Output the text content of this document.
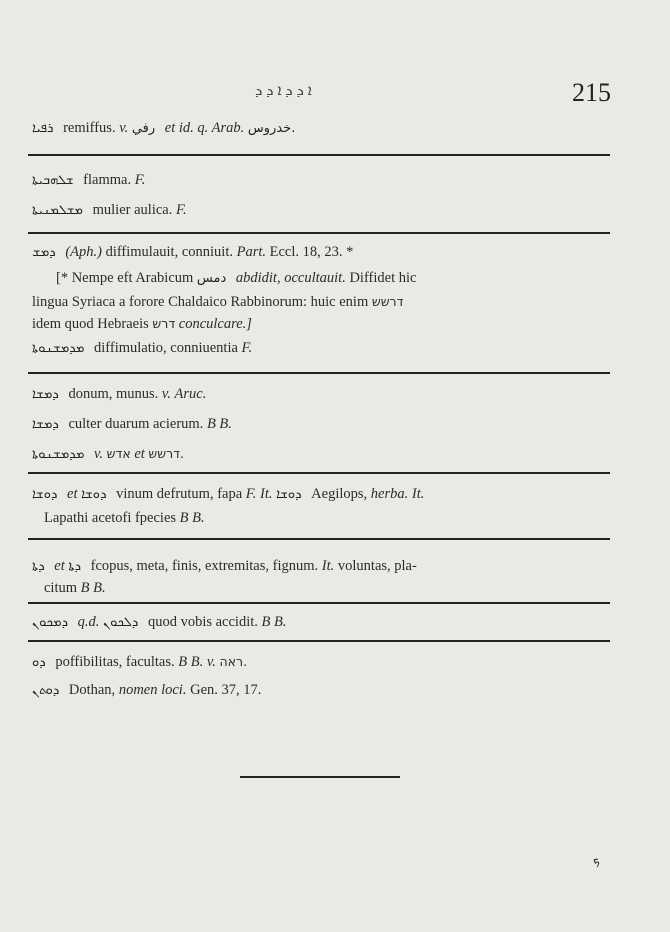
ܐ ܕ ܕ ܐ ܕ ܕ	215
ܪܦܝܐ remiffus. v. رفي et id. q. Arab. خدروس.
ܫܠܗܒܝܬܐ flamma. F.
ܡܫܠܡܢܝܬܐ mulier aulica. F.
ܕܡܫ (Aph.) diffimulauit, conniuit. Part. Eccl. 18, 23. *
[* Nempe eft Arabicum دمس abdidit, occultauit. Diffidet hic
lingua Syriaca a forore Chaldaico Rabbinorum: huic enim דרשש
idem quod Hebraeis דרש conculcare.]
ܡܕܡܫܢܘܬܐ diffimulatio, conniuentia F.
ܕܡܫܐ donum, munus. v. Aruc.
ܕܡܫܐ culter duarum acierum. B B.
ܡܕܡܫܢܘܬܐ v. אדש et דרשש.
ܕܘܫܐ et ܕܘܫܐ vinum defrutum, fapa F. It. ܕܘܫܐ Aegilops, herba. It.
Lapathi acetofi fpecies B B.
ܕܬܐ et ܕܬܐ fcopus, meta, finis, extremitas, fignum. It. voluntas, pla-
citum B B.
ܕܡܟܘܢ q.d. ܕܠܟܘܢ quod vobis accidit. B B.
ܕܘ poffibilitas, facultas. B B. v. ראה.
ܕܘܬܢ Dothan, nomen loci. Gen. 37, 17.
ܟ
